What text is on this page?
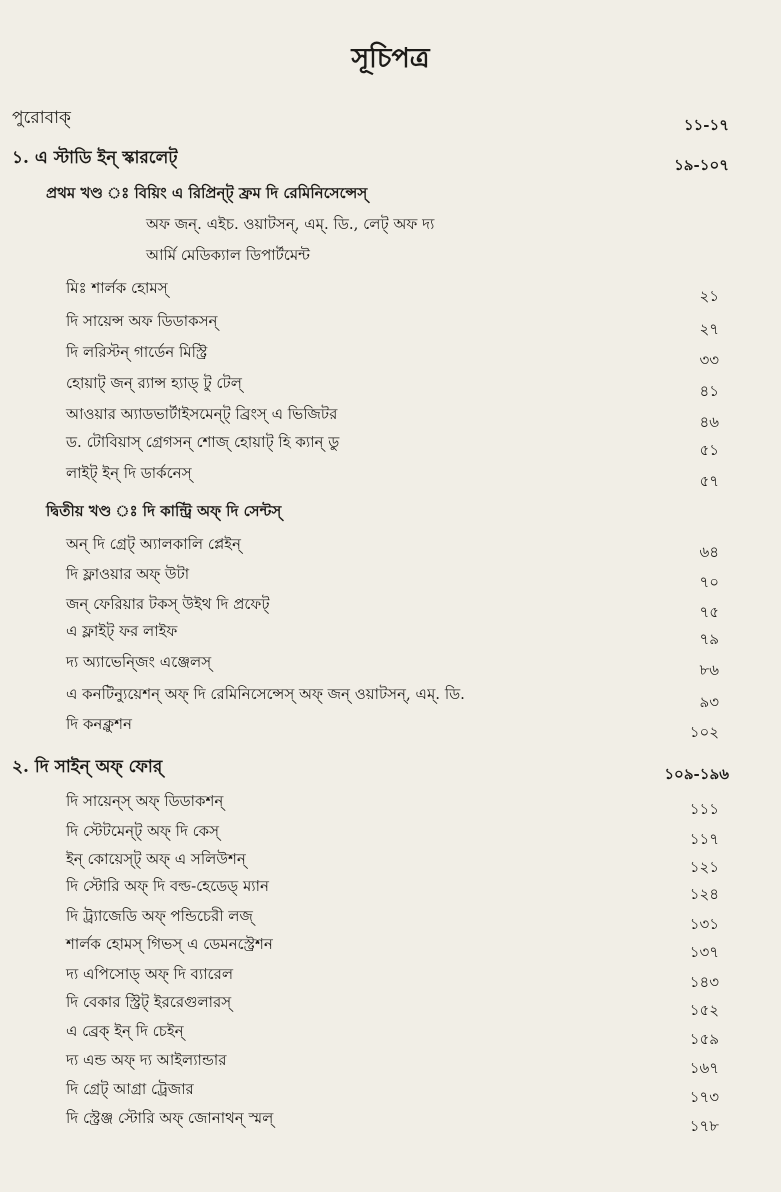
সূচিপত্র
পুরোবাক্	১১-১৭
১. এ স্টাডি ইন্ স্কারলেট্	১৯-১০৭
প্রথম খণ্ড ঃ বিয়িং এ রিপ্রিন্ট্ ফ্রম দি রেমিনিসেন্সেস্
অফ জন্. এইচ. ওয়াটসন্, এম্. ডি., লেট্ অফ দ্য
আর্মি মেডিক্যাল ডিপার্টমেন্ট
মিঃ শার্লক হোমস্	২১
দি সায়েন্স অফ ডিডাকসন্	২৭
দি লরিস্টন্ গার্ডেন মিস্ট্রি	৩৩
হোয়াট্ জন্ র‍্যান্স হ্যাড্ টু টেল্	৪১
আওয়ার অ্যাডভার্টাইসমেন্ট্ ব্রিংস্ এ ভিজিটর	৪৬
ড. টোবিয়াস্ গ্রেগসন্ শোজ্ হোয়াট্ হি ক্যান্ ডু	৫১
লাইট্ ইন্ দি ডার্কনেস্	৫৭
দ্বিতীয় খণ্ড ঃ দি কান্ট্রি অফ্ দি সেন্টস্
অন্ দি গ্রেট্ অ্যালকালি প্লেইন্	৬৪
দি ফ্লাওয়ার অফ্ উটা	৭০
জন্ ফেরিয়ার টকস্ উইথ দি প্রফেট্	৭৫
এ ফ্লাইট্ ফর লাইফ	৭৯
দ্য অ্যাভেন্জিং এঞ্জেলস্	৮৬
এ কনটিন্যুয়েশন্ অফ্ দি রেমিনিসেন্সেস্ অফ্ জন্ ওয়াটসন্, এম্. ডি.	৯৩
দি কনক্লুশন	১০২
২. দি সাইন্ অফ্ ফোর্	১০৯-১৯৬
দি সায়েন্স্ অফ্ ডিডাকশন্	১১১
দি স্টেটমেন্ট্ অফ্ দি কেস্	১১৭
ইন্ কোয়েস্ট্ অফ্ এ সলিউশন্	১২১
দি স্টোরি অফ্ দি বল্ড-হেডেড্ ম্যান	১২৪
দি ট্র্যাজেডি অফ্ পন্ডিচেরী লজ্	১৩১
শার্লক হোমস্ গিভস্ এ ডেমনস্ট্রেশন	১৩৭
দ্য এপিসোড্ অফ্ দি ব্যারেল	১৪৩
দি বেকার স্ট্রিট্ ইররেগুলারস্	১৫২
এ ব্রেক্ ইন্ দি চেইন্	১৫৯
দ্য এন্ড অফ্ দ্য আইল্যান্ডার	১৬৭
দি গ্রেট্ আগ্রা ট্রেজার	১৭৩
দি স্ট্রেঞ্জ স্টোরি অফ্ জোনাথন্ স্মল্	১৭৮
